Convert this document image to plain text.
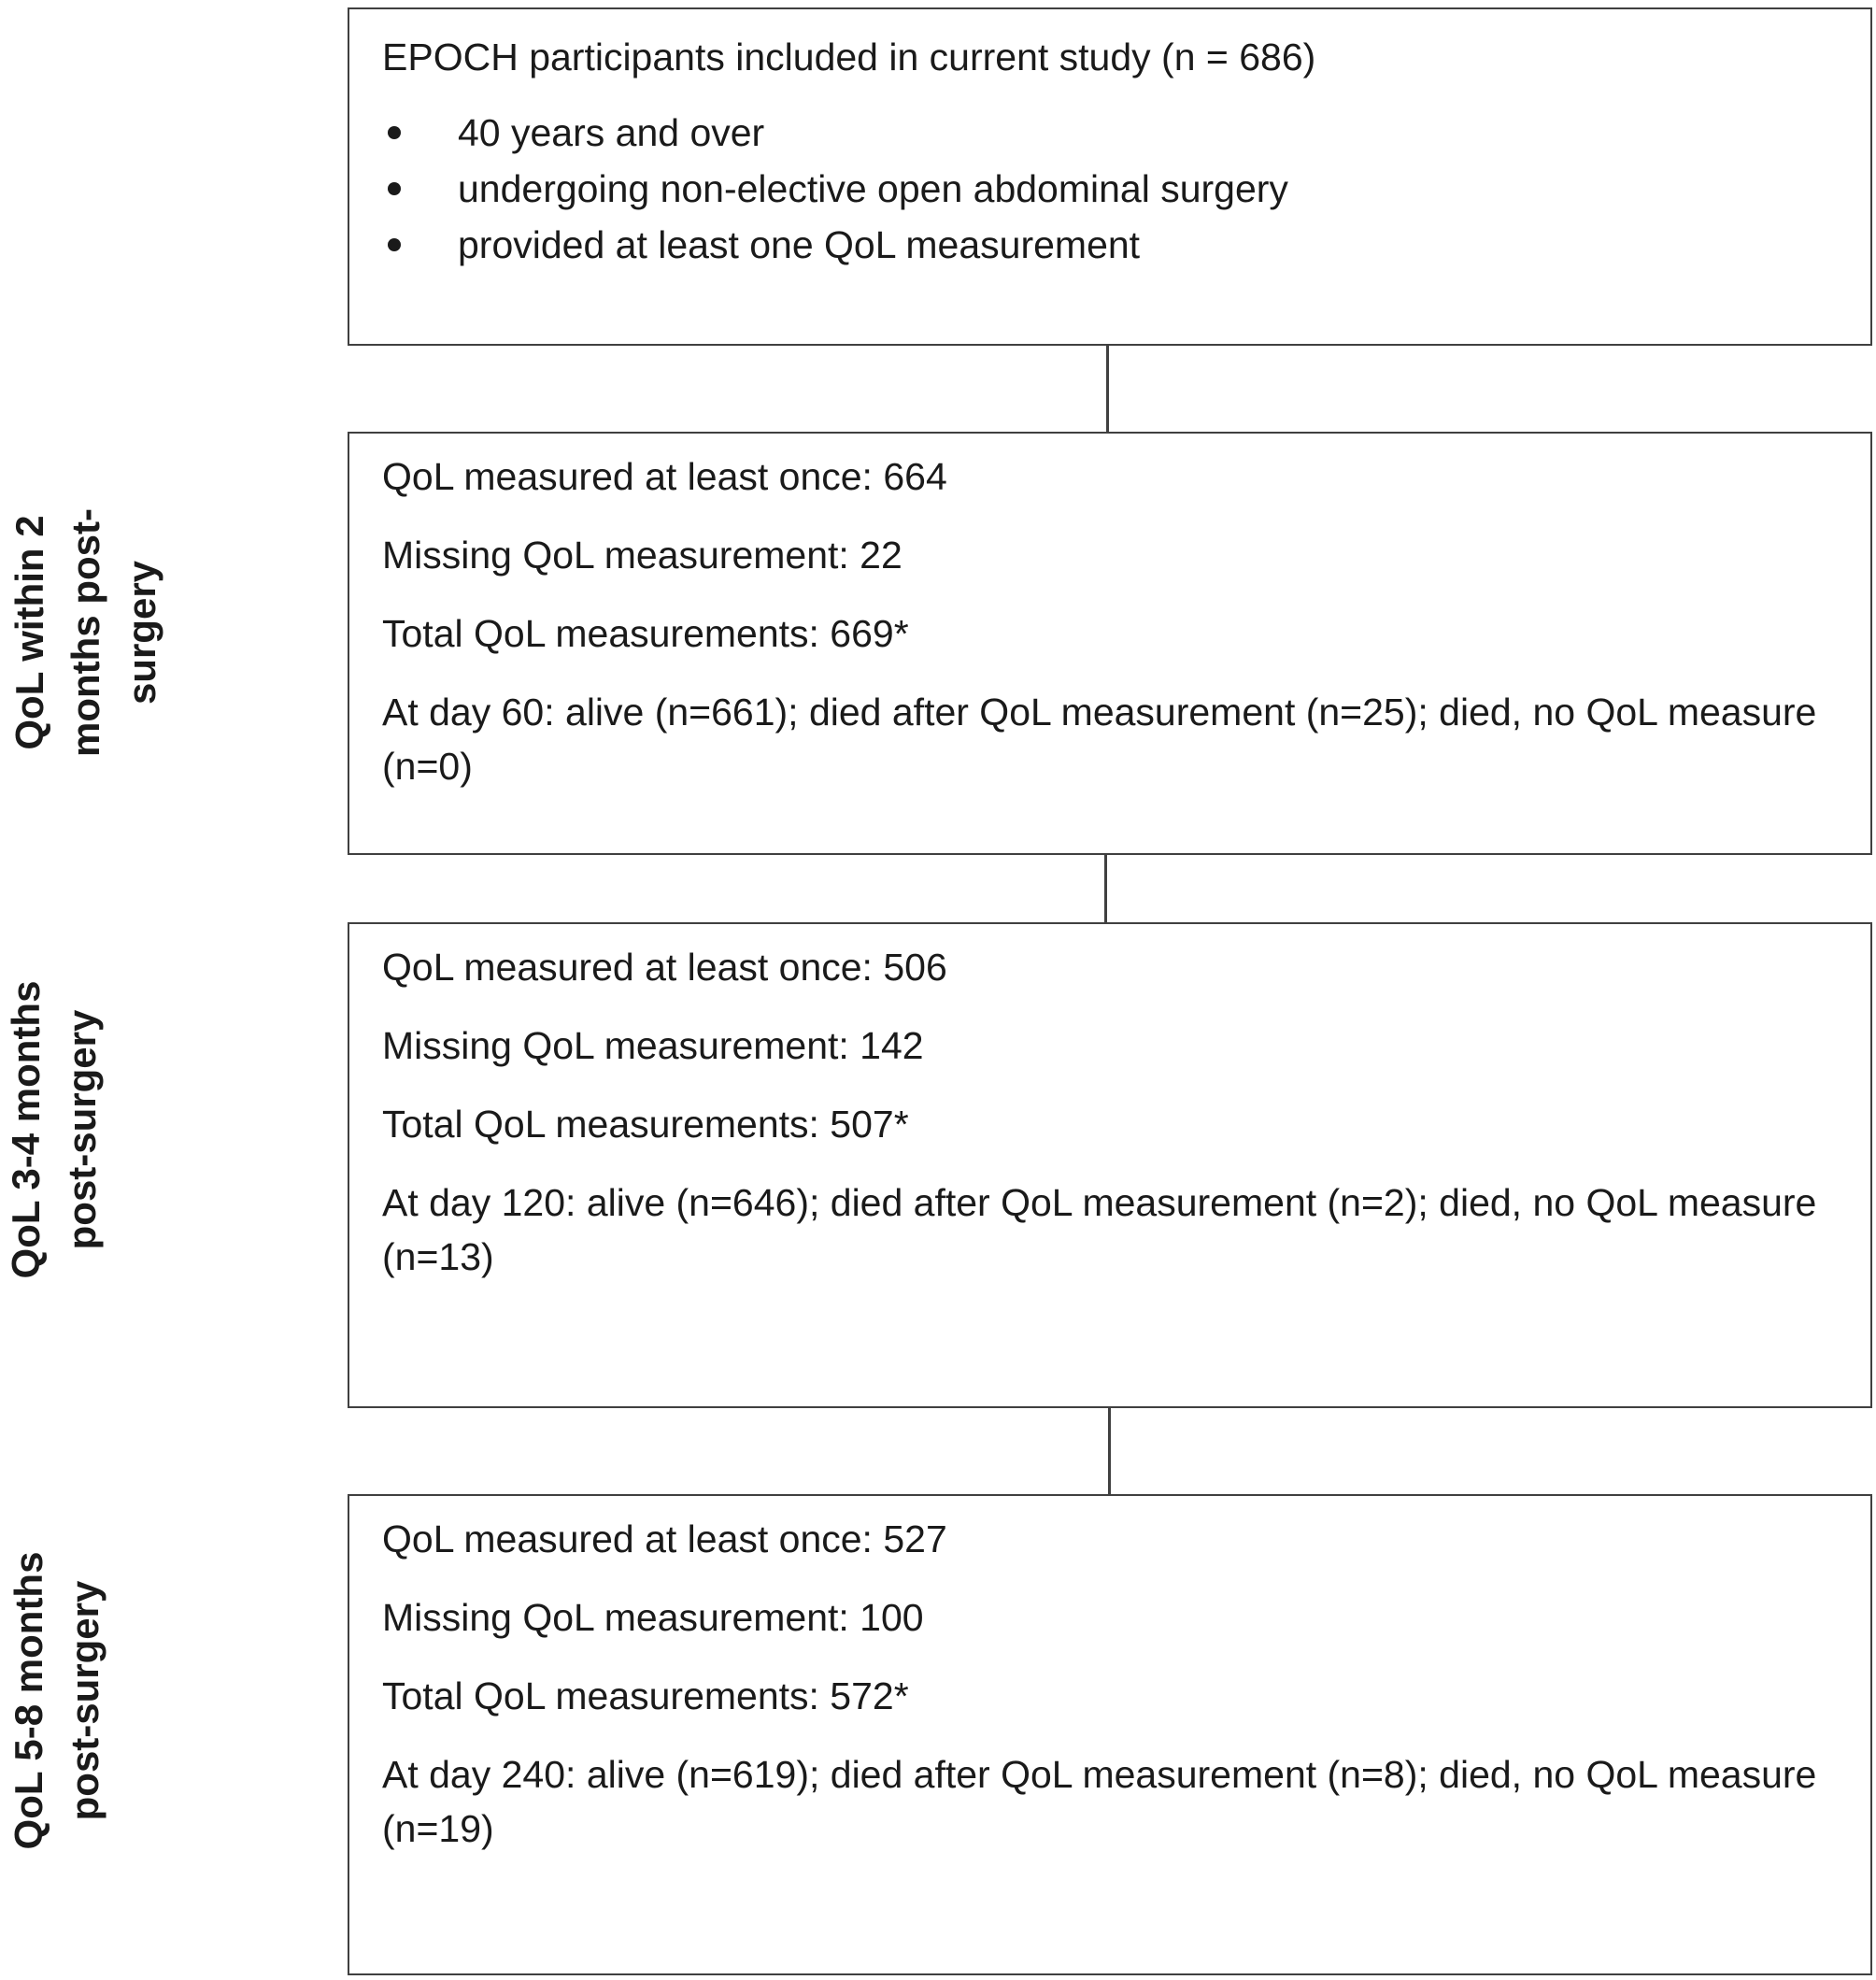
EPOCH participants included in current study (n = 686)
40 years and over
undergoing non-elective open abdominal surgery
provided at least one QoL measurement
QoL within 2 months post-surgery
QoL measured at least once: 664
Missing QoL measurement: 22
Total QoL measurements: 669*
At day 60: alive (n=661); died after QoL measurement (n=25); died, no QoL measure (n=0)
QoL 3-4 months post-surgery
QoL measured at least once: 506
Missing QoL measurement: 142
Total QoL measurements: 507*
At day 120: alive (n=646); died after QoL measurement (n=2); died, no QoL measure (n=13)
QoL 5-8 months post-surgery
QoL measured at least once: 527
Missing QoL measurement: 100
Total QoL measurements: 572*
At day 240: alive (n=619); died after QoL measurement (n=8); died, no QoL measure (n=19)
